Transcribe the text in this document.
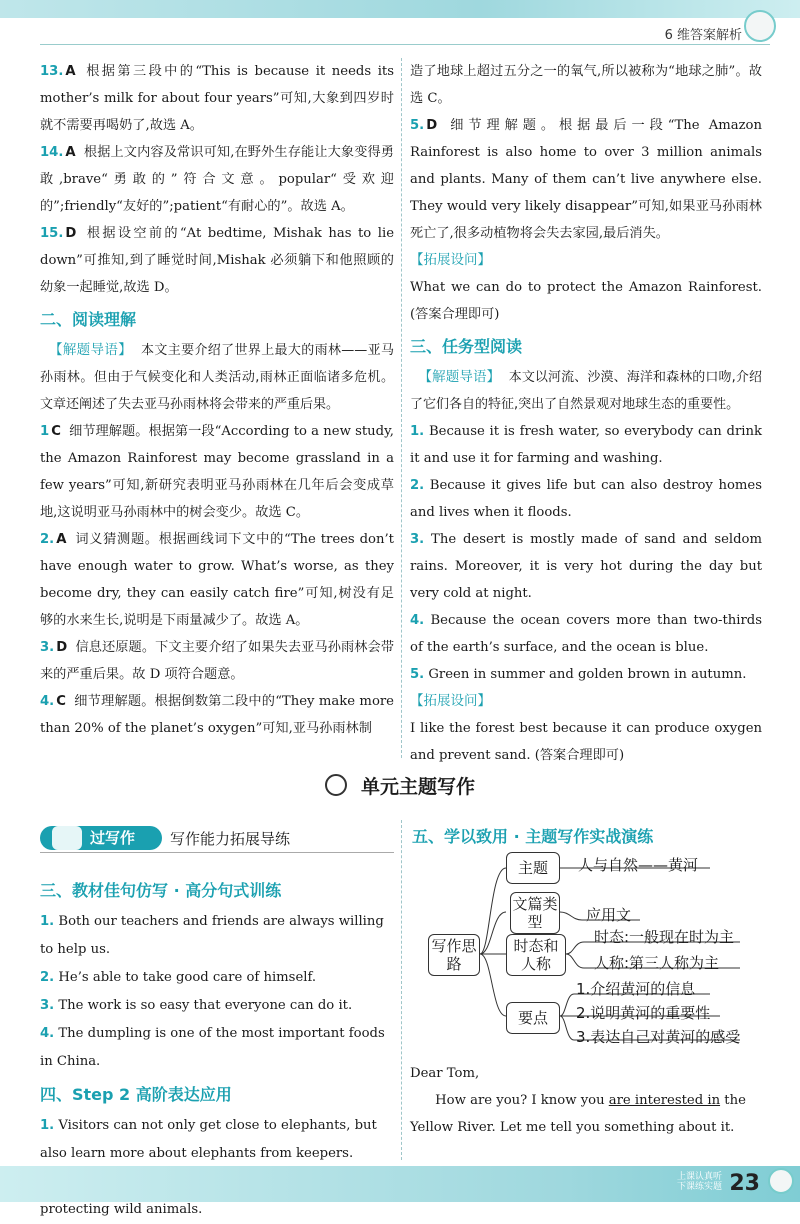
6 维答案解析

13. A 根据第三段中的“This is because it needs its mother’s milk for about four years”可知,大象到四岁时就不需要再喝奶了,故选 A。

14. A 根据上文内容及常识可知,在野外生存能让大象变得勇敢,brave“勇敢的”符合文意。popular“受欢迎的”;friendly“友好的”;patient“有耐心的”。故选 A。

15. D 根据设空前的“At bedtime, Mishak has to lie down”可推知,到了睡觉时间,Mishak 必须躺下和他照顾的幼象一起睡觉,故选 D。

二、阅读理解

【解题导语】 本文主要介绍了世界上最大的雨林——亚马孙雨林。但由于气候变化和人类活动,雨林正面临诸多危机。文章还阐述了失去亚马孙雨林将会带来的严重后果。

1 C 细节理解题。根据第一段“According to a new study, the Amazon Rainforest may become grassland in a few years”可知,新研究表明亚马孙雨林在几年后会变成草地,这说明亚马孙雨林中的树会变少。故选 C。

2. A 词义猜测题。根据画线词下文中的“The trees don’t have enough water to grow. What’s worse, as they become dry, they can easily catch fire”可知,树没有足够的水来生长,说明是下雨量减少了。故选 A。

3. D 信息还原题。下文主要介绍了如果失去亚马孙雨林会带来的严重后果。故 D 项符合题意。

4. C 细节理解题。根据倒数第二段中的“They make more than 20% of the planet’s oxygen”可知,亚马孙雨林制

造了地球上超过五分之一的氧气,所以被称为“地球之肺”。故选 C。

5. D 细节理解题。根据最后一段“The Amazon Rainforest is also home to over 3 million animals and plants. Many of them can’t live anywhere else. They would very likely disappear”可知,如果亚马孙雨林死亡了,很多动植物将会失去家园,最后消失。

【拓展设问】

What we can do to protect the Amazon Rainforest. (答案合理即可)

三、任务型阅读

【解题导语】 本文以河流、沙漠、海洋和森林的口吻,介绍了它们各自的特征,突出了自然景观对地球生态的重要性。

1. Because it is fresh water, so everybody can drink it and use it for farming and washing.

2. Because it gives life but can also destroy homes and lives when it floods.

3. The desert is mostly made of sand and seldom rains. Moreover, it is very hot during the day but very cold at night.

4. Because the ocean covers more than two-thirds of the earth’s surface, and the ocean is blue.

5. Green in summer and golden brown in autumn.

【拓展设问】

I like the forest best because it can produce oxygen and prevent sand. (答案合理即可)

单元主题写作
过写作 写作能力拓展导练
三、教材佳句仿写 · 高分句式训练

1. Both our teachers and friends are always willing to help us.

2. He’s able to take good care of himself.

3. The work is so easy that everyone can do it.

4. The dumpling is one of the most important foods in China.

四、Step 2 高阶表达应用

1. Visitors can not only get close to elephants, but also learn more about elephants from keepers.

protecting wild animals.

五、学以致用 · 主题写作实战演练
写作思路
主题	人与自然——黄河
文篇类型	应用文
时态和人称
时态:一般现在时为主
人称:第三人称为主
要点
1.介绍黄河的信息
2.说明黄河的重要性
3.表达自己对黄河的感受

Dear Tom,

How are you? I know you are interested in the Yellow River. Let me tell you something about it.

上课认真听 下课练实题 23
